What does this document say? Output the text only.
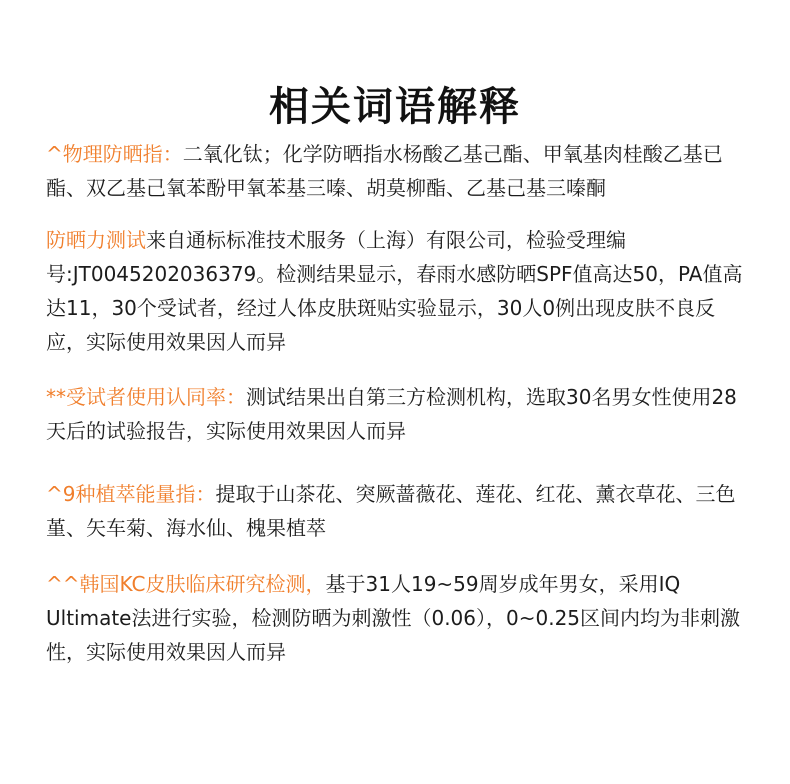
相关词语解释

^物理防晒指：二氧化钛；化学防晒指水杨酸乙基己酯、甲氧基肉桂酸乙基已酯、双乙基己氧苯酚甲氧苯基三嗪、胡莫柳酯、乙基己基三嗪酮

防晒力测试来自通标标准技术服务（上海）有限公司，检验受理编号:JT0045202036379。检测结果显示，春雨水感防晒SPF值高达50，PA值高达11，30个受试者，经过人体皮肤斑贴实验显示，30人0例出现皮肤不良反应，实际使用效果因人而异

**受试者使用认同率：测试结果出自第三方检测机构，选取30名男女性使用28天后的试验报告，实际使用效果因人而异

^9种植萃能量指：提取于山茶花、突厥蔷薇花、莲花、红花、薰衣草花、三色堇、矢车菊、海水仙、槐果植萃

^^韩国KC皮肤临床研究检测，基于31人19~59周岁成年男女，采用IQ Ultimate法进行实验，检测防晒为刺激性（0.06），0~0.25区间内均为非刺激性，实际使用效果因人而异
